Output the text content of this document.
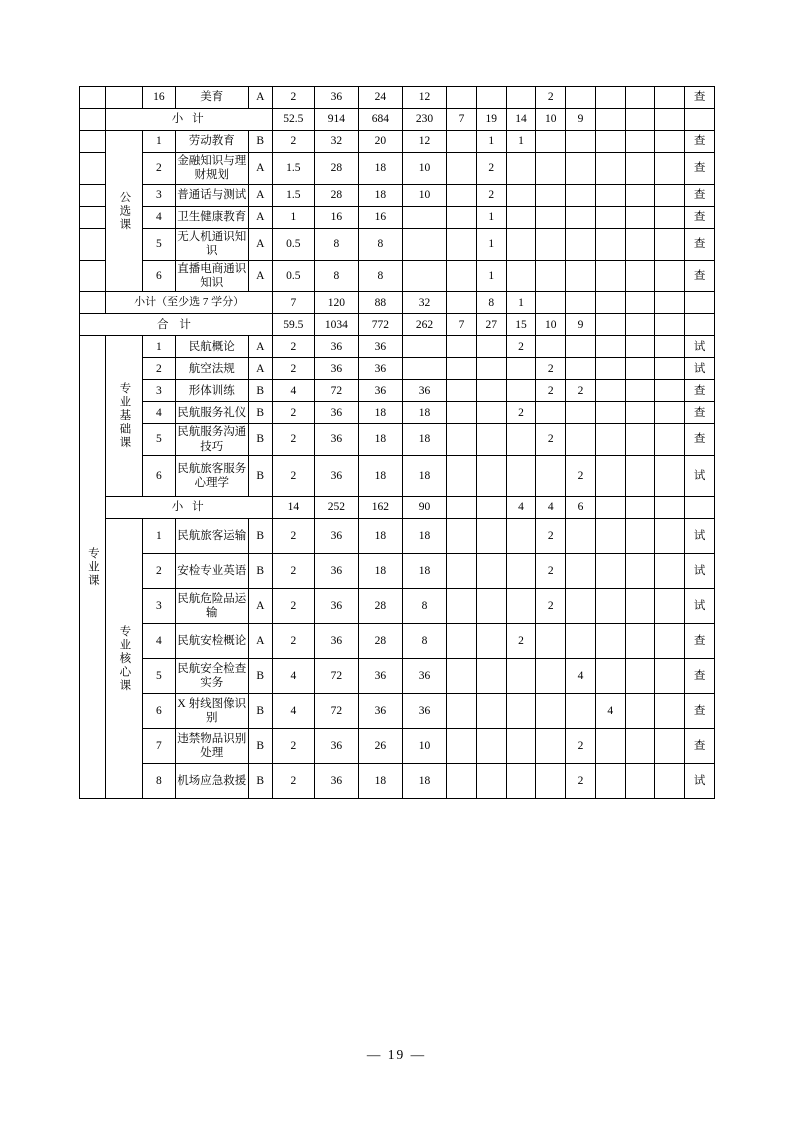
		16	美育	A	2	36	24	12				2					查
	小 计				52.5	914	684	230	7	19	14	10	9				
	公选课	1	劳动教育	B	2	32	20	12		1	1						查
		2	金融知识与理财规划	A	1.5	28	18	10		2							查
		3	普通话与测试	A	1.5	28	18	10		2							查
		4	卫生健康教育	A	1	16	16			1							查
		5	无人机通识知识	A	0.5	8	8			1							查
		6	直播电商通识知识	A	0.5	8	8			1							查
	小计（至少选 7 学分）				7	120	88	32		8	1						
合 计					59.5	1034	772	262	7	27	15	10	9				
专业课	专业基础课	1	民航概论	A	2	36	36				2						试
		2	航空法规	A	2	36	36					2					试
		3	形体训练	B	4	72	36	36				2	2				查
		4	民航服务礼仪	B	2	36	18	18			2						查
		5	民航服务沟通技巧	B	2	36	18	18				2					查
		6	民航旅客服务心理学	B	2	36	18	18					2				试
	小 计				14	252	162	90			4	4	6				
	专业核心课	1	民航旅客运输	B	2	36	18	18				2					试
		2	安检专业英语	B	2	36	18	18				2					试
		3	民航危险品运输	A	2	36	28	8				2					试
		4	民航安检概论	A	2	36	28	8			2						查
		5	民航安全检查实务	B	4	72	36	36					4				查
		6	X 射线图像识别	B	4	72	36	36						4			查
		7	违禁物品识别处理	B	2	36	26	10					2				查
		8	机场应急救援	B	2	36	18	18					2				试
— 19 —
